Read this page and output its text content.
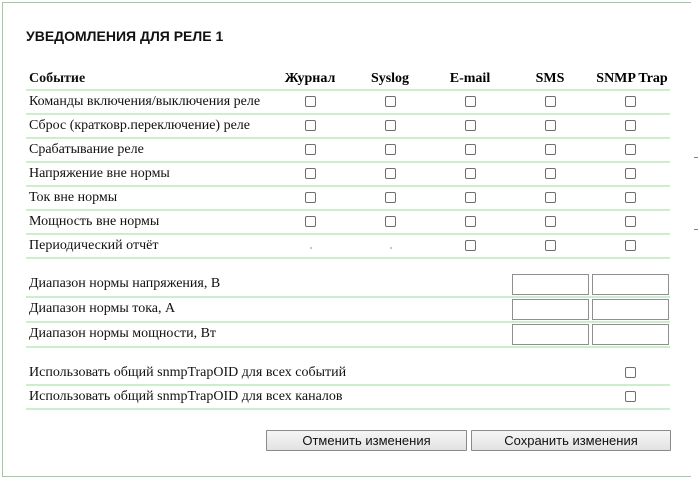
УВЕДОМЛЕНИЯ ДЛЯ РЕЛЕ 1
Событие	Журнал	Syslog	E-mail	SMS	SNMP Trap
Команды включения/выключения реле
Сброс (кратковр.переключение) реле
Срабатывание реле
Напряжение вне нормы
Ток вне нормы
Мощность вне нормы
Периодический отчёт
Диапазон нормы напряжения, В
Диапазон нормы тока, А
Диапазон нормы мощности, Вт
Использовать общий snmpTrapOID для всех событий
Использовать общий snmpTrapOID для всех каналов
Отменить изменения	Сохранить изменения
